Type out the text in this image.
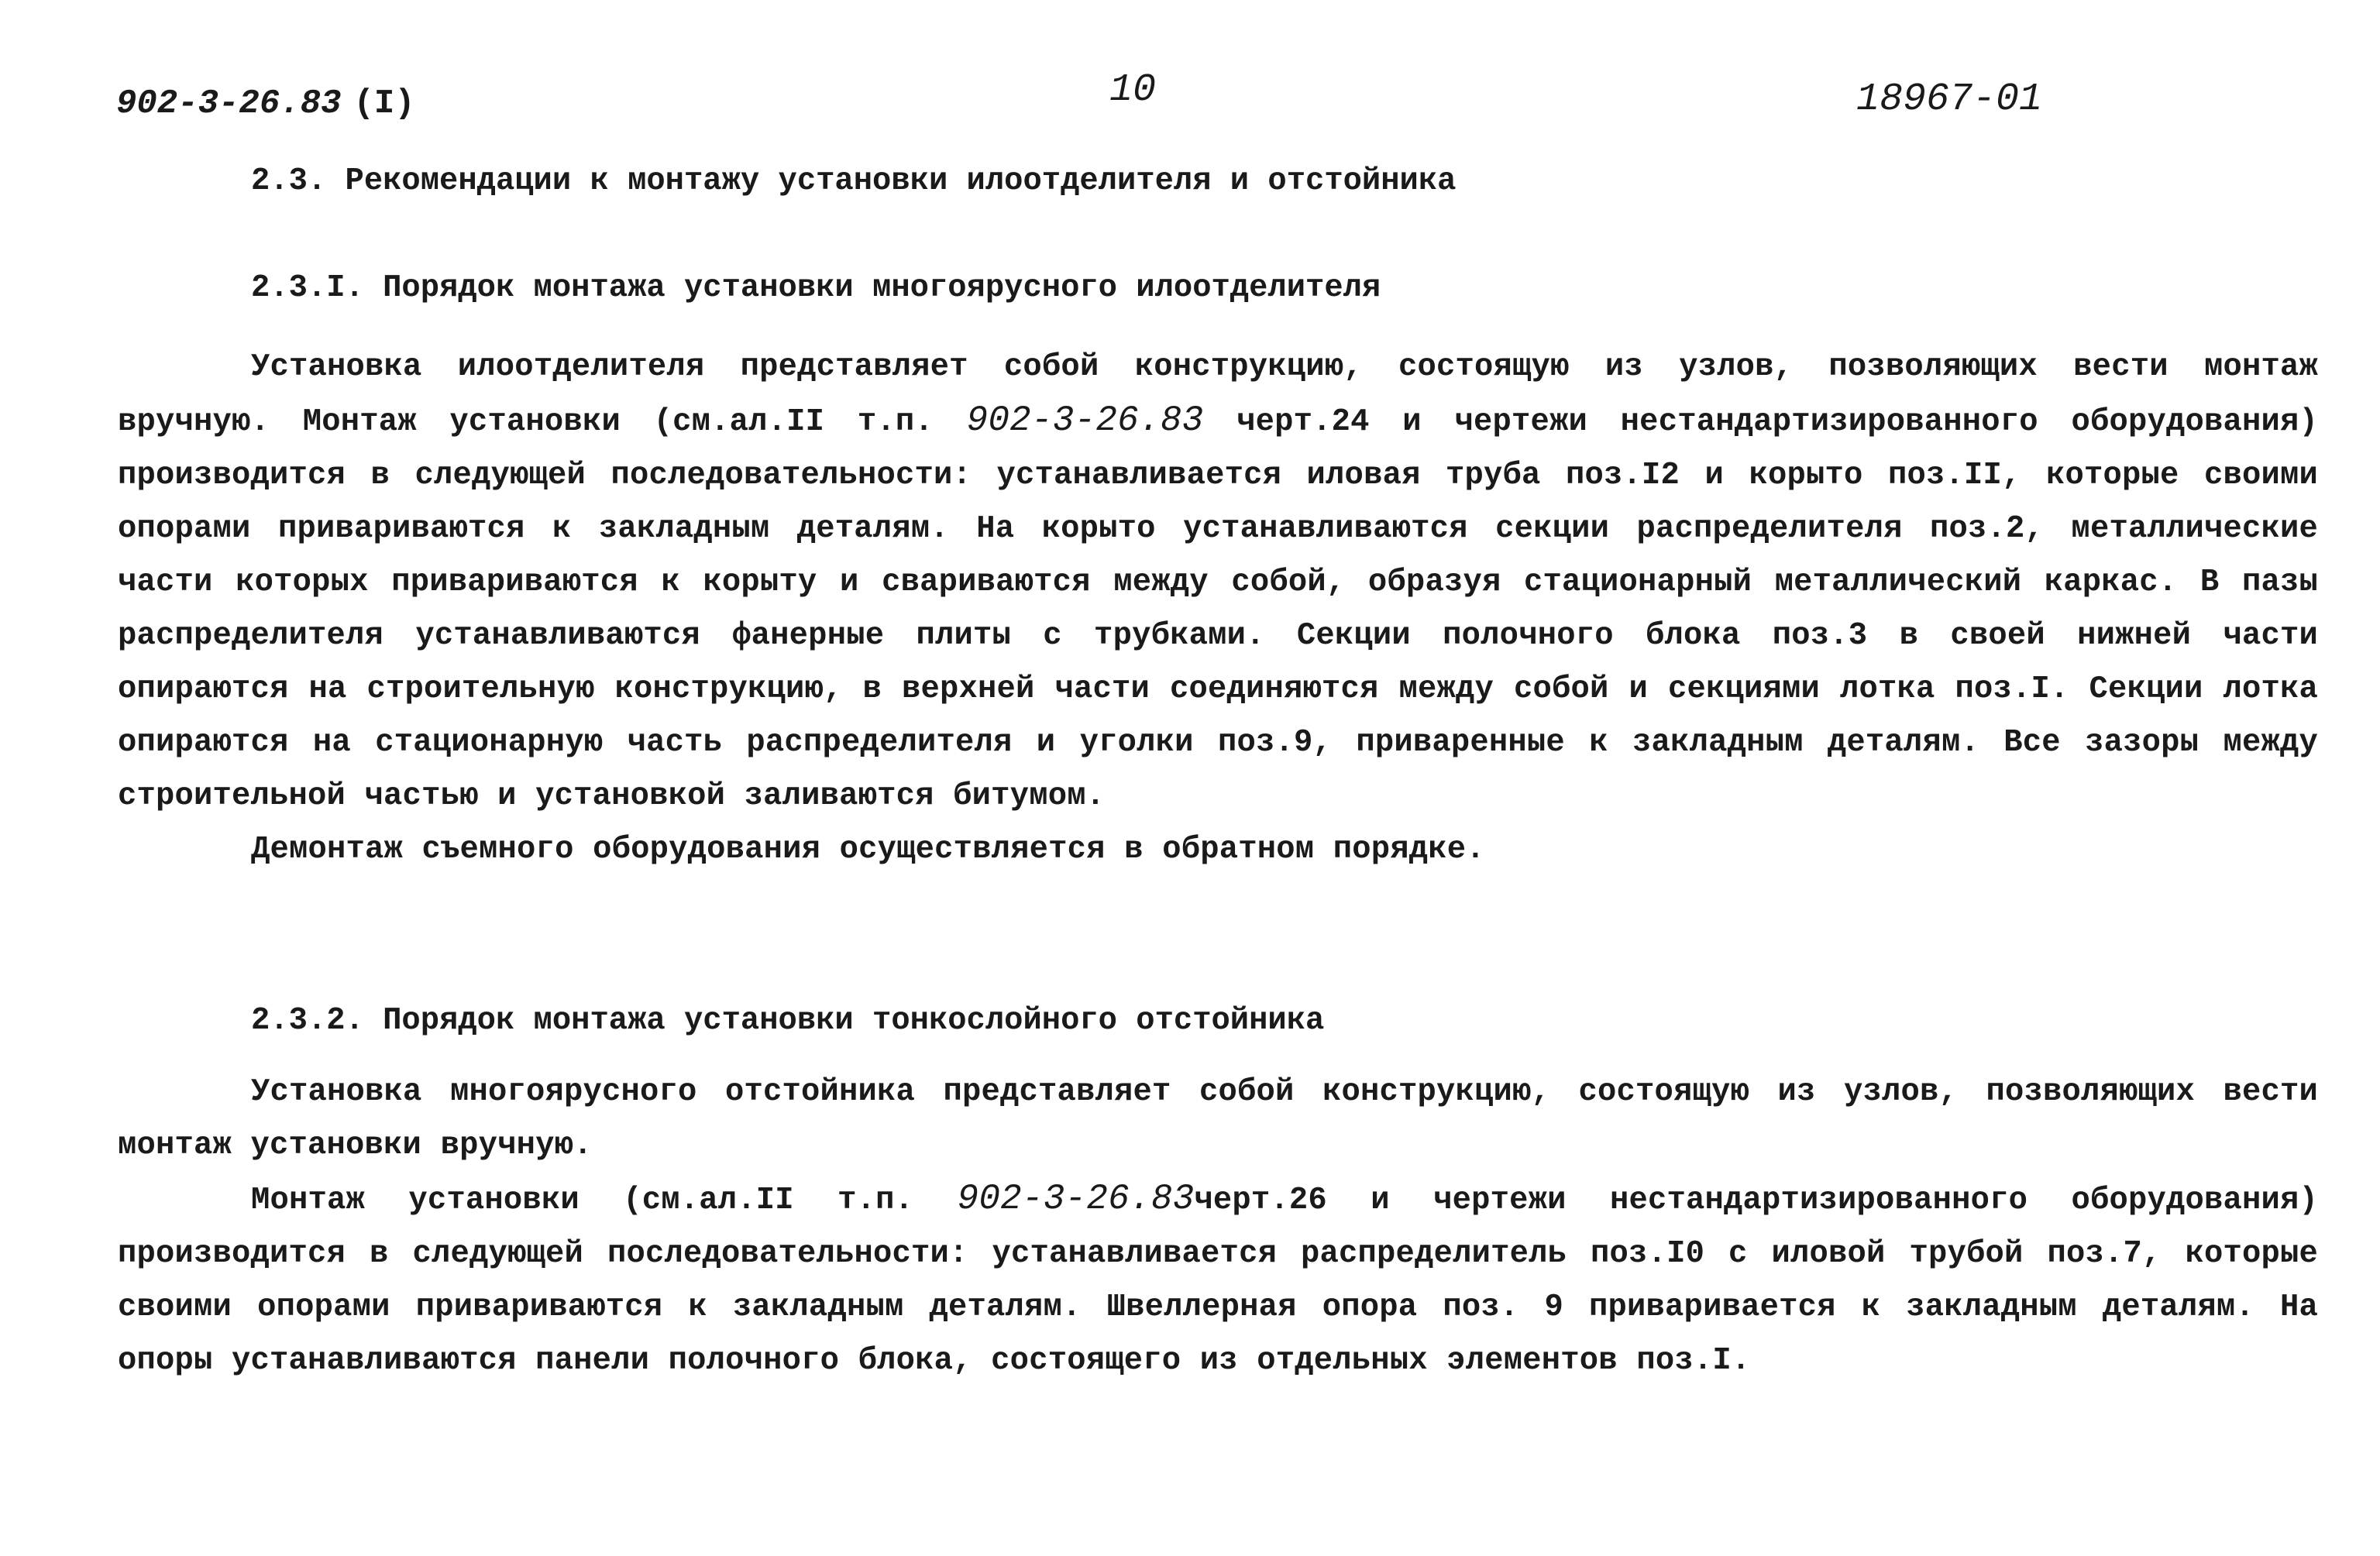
902-3-26.83 (I)	10	18967-01
2.3. Рекомендации к монтажу установки илоотделителя и отстойника
2.3.I. Порядок монтажа установки многоярусного илоотделителя

Установка илоотделителя представляет собой конструкцию, состоящую из узлов, позволяющих вести монтаж вручную. Монтаж установки (см.ал.II т.п. 902-3-26.83 черт.24 и чертежи нестандартизированного оборудования) производится в следующей последовательности: устанавливается иловая труба поз.I2 и корыто поз.II, которые своими опорами привариваются к закладным деталям. На корыто устанавливаются секции распределителя поз.2, металлические части которых привариваются к корыту и свариваются между собой, образуя стационарный металлический каркас. В пазы распределителя устанавливаются фанерные плиты с трубками. Секции полочного блока поз.3 в своей нижней части опираются на строительную конструкцию, в верхней части соединяются между собой и секциями лотка поз.I. Секции лотка опираются на стационарную часть распределителя и уголки поз.9, приваренные к закладным деталям. Все зазоры между строительной частью и установкой заливаются битумом.

Демонтаж съемного оборудования осуществляется в обратном порядке.

2.3.2. Порядок монтажа установки тонкослойного отстойника

Установка многоярусного отстойника представляет собой конструкцию, состоящую из узлов, позволяющих вести монтаж установки вручную.

Монтаж установки (см.ал.II т.п. 902-3-26.83черт.26 и чертежи нестандартизированного оборудования) производится в следующей последовательности: устанавливается распределитель поз.I0 с иловой трубой поз.7, которые своими опорами привариваются к закладным деталям. Швеллерная опора поз. 9 приваривается к закладным деталям. На опоры устанавливаются панели полочного блока, состоящего из отдельных элементов поз.I.
